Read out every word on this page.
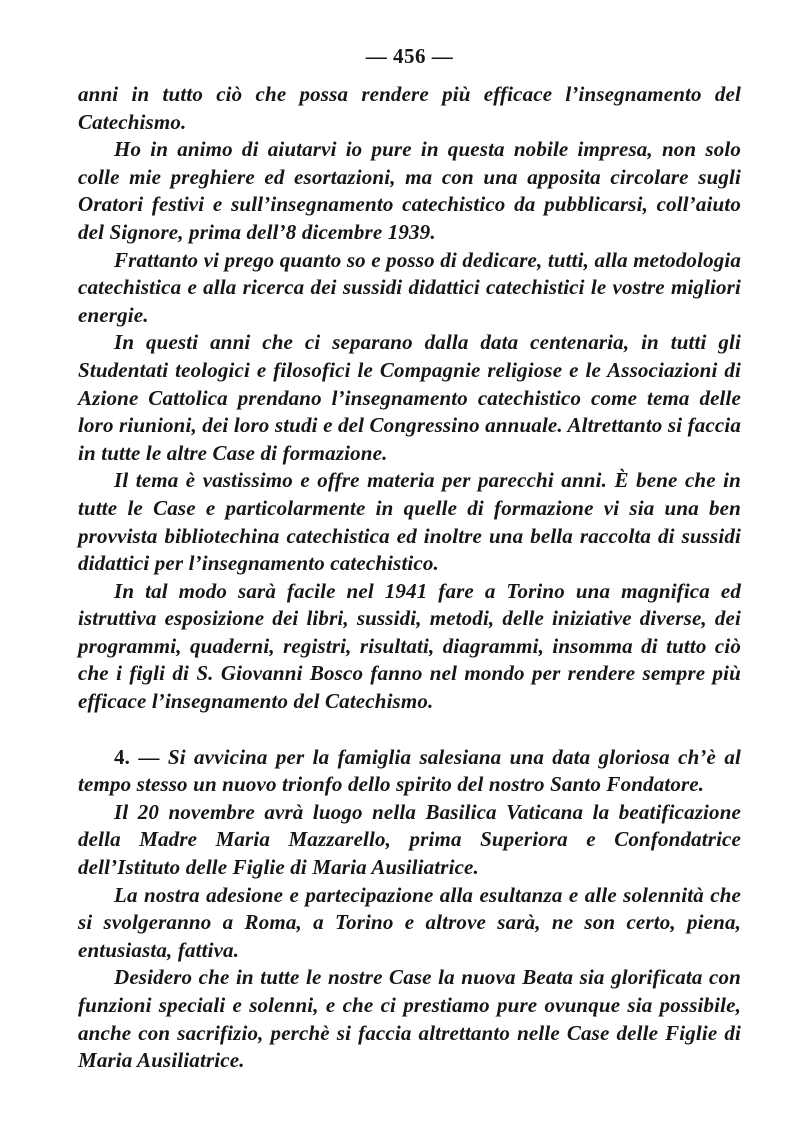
— 456 —

anni in tutto ciò che possa rendere più efficace l’insegnamento del Catechismo.

Ho in animo di aiutarvi io pure in questa nobile impresa, non solo colle mie preghiere ed esortazioni, ma con una apposita circolare sugli Oratori festivi e sull’insegnamento catechistico da pubblicarsi, coll’aiuto del Signore, prima dell’8 dicembre 1939.

Frattanto vi prego quanto so e posso di dedicare, tutti, alla metodologia catechistica e alla ricerca dei sussidi didattici catechistici le vostre migliori energie.

In questi anni che ci separano dalla data centenaria, in tutti gli Studentati teologici e filosofici le Compagnie religiose e le Associazioni di Azione Cattolica prendano l’insegnamento catechistico come tema delle loro riunioni, dei loro studi e del Congressino annuale. Altrettanto si faccia in tutte le altre Case di formazione.

Il tema è vastissimo e offre materia per parecchi anni. È bene che in tutte le Case e particolarmente in quelle di formazione vi sia una ben provvista bibliotechina catechistica ed inoltre una bella raccolta di sussidi didattici per l’insegnamento catechistico.

In tal modo sarà facile nel 1941 fare a Torino una magnifica ed istruttiva esposizione dei libri, sussidi, metodi, delle iniziative diverse, dei programmi, quaderni, registri, risultati, diagrammi, insomma di tutto ciò che i figli di S. Giovanni Bosco fanno nel mondo per rendere sempre più efficace l’insegnamento del Catechismo.

4. — Si avvicina per la famiglia salesiana una data gloriosa ch’è al tempo stesso un nuovo trionfo dello spirito del nostro Santo Fondatore.

Il 20 novembre avrà luogo nella Basilica Vaticana la beatificazione della Madre Maria Mazzarello, prima Superiora e Confondatrice dell’Istituto delle Figlie di Maria Ausiliatrice.

La nostra adesione e partecipazione alla esultanza e alle solennità che si svolgeranno a Roma, a Torino e altrove sarà, ne son certo, piena, entusiasta, fattiva.

Desidero che in tutte le nostre Case la nuova Beata sia glorificata con funzioni speciali e solenni, e che ci prestiamo pure ovunque sia possibile, anche con sacrifizio, perchè si faccia altrettanto nelle Case delle Figlie di Maria Ausiliatrice.
